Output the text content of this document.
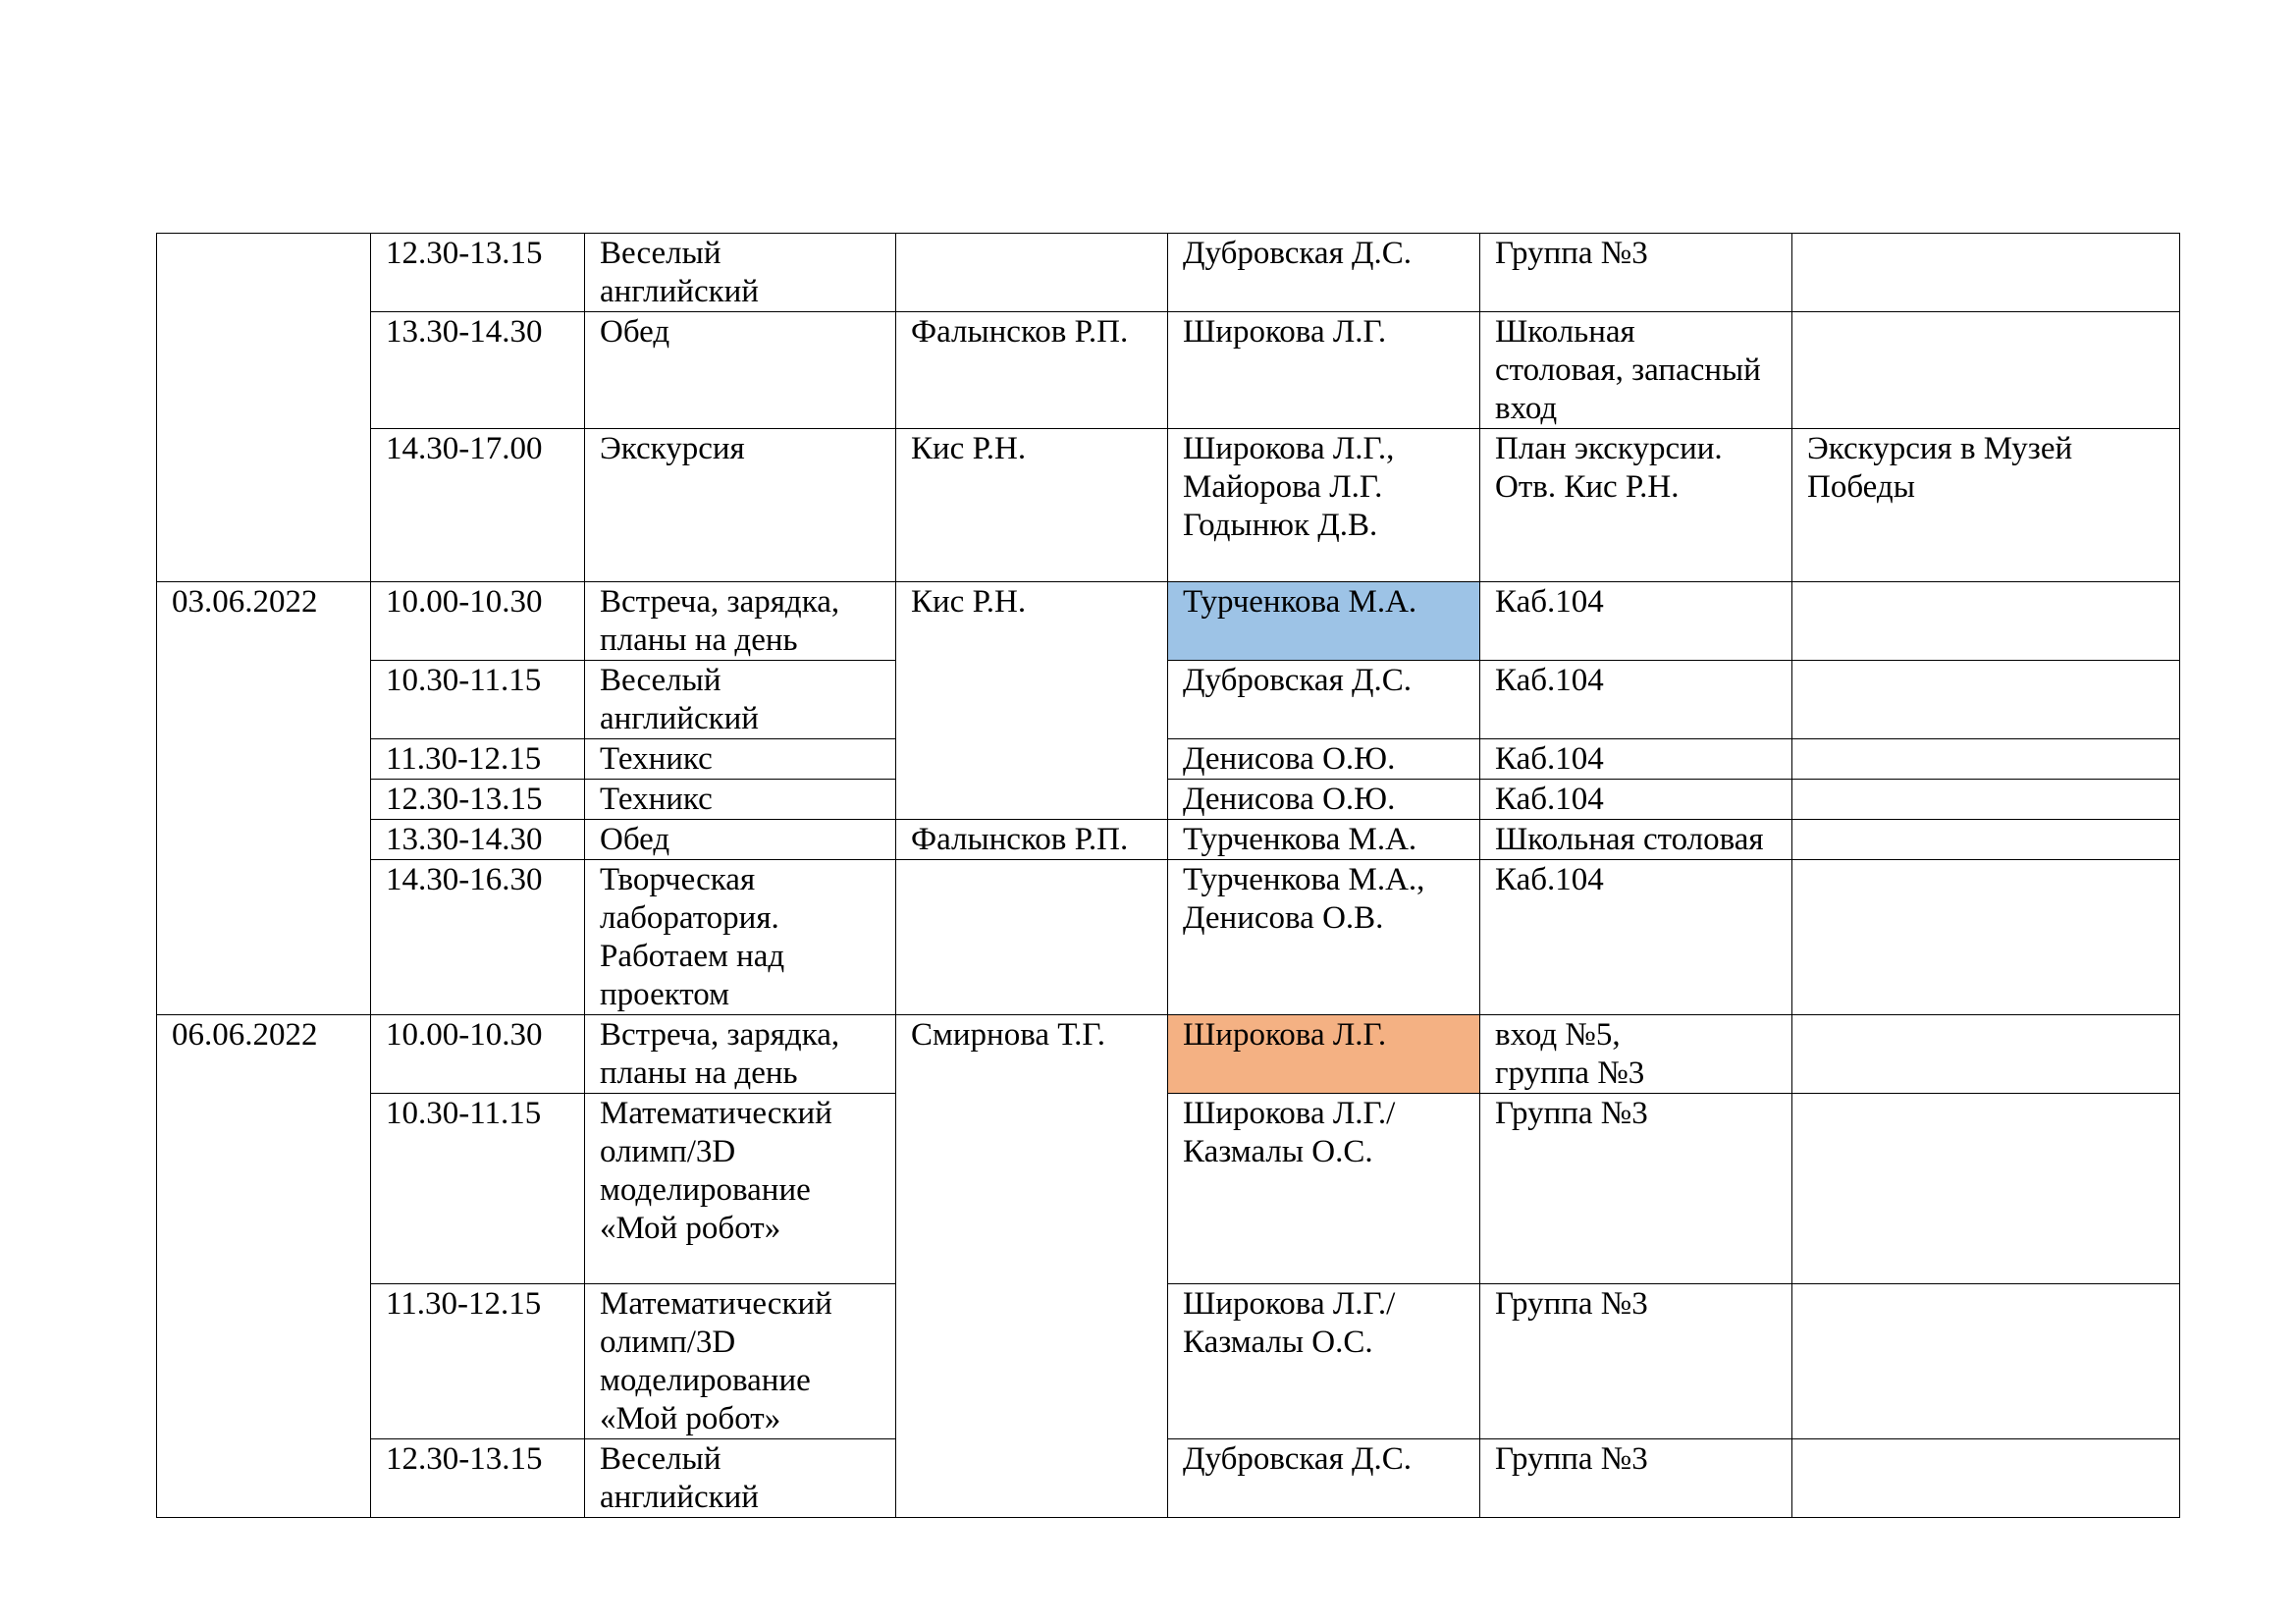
	12.30-13.15	Веселый
английский		Дубровская Д.С.	Группа №3	

	13.30-14.30	Обед	Фалынсков Р.П.	Широкова Л.Г.	Школьная
столовая, запасный
вход	

	14.30-17.00	Экскурсия	Кис Р.Н.	Широкова Л.Г.,
Майорова Л.Г.
Годынюк Д.В.	План экскурсии.
Отв. Кис Р.Н.	Экскурсия в Музей
Победы

03.06.2022	10.00-10.30	Встреча, зарядка,
планы на день	Кис Р.Н.	Турченкова М.А.	Каб.104	

	10.30-11.15	Веселый
английский		Дубровская Д.С.	Каб.104	

	11.30-12.15	Техникс		Денисова О.Ю.	Каб.104	

	12.30-13.15	Техникс		Денисова О.Ю.	Каб.104	

	13.30-14.30	Обед	Фалынсков Р.П.	Турченкова М.А.	Школьная столовая	

	14.30-16.30	Творческая
лаборатория.
Работаем над
проектом		Турченкова М.А.,
Денисова О.В.	Каб.104	

06.06.2022	10.00-10.30	Встреча, зарядка,
планы на день	Смирнова Т.Г.	Широкова Л.Г.	вход №5,
группа №3	

	10.30-11.15	Математический
олимп/3D
моделирование
«Мой робот»		Широкова Л.Г./
Казмалы О.С.	Группа №3	

	11.30-12.15	Математический
олимп/3D
моделирование
«Мой робот»		Широкова Л.Г./
Казмалы О.С.	Группа №3	

	12.30-13.15	Веселый
английский		Дубровская Д.С.	Группа №3	
